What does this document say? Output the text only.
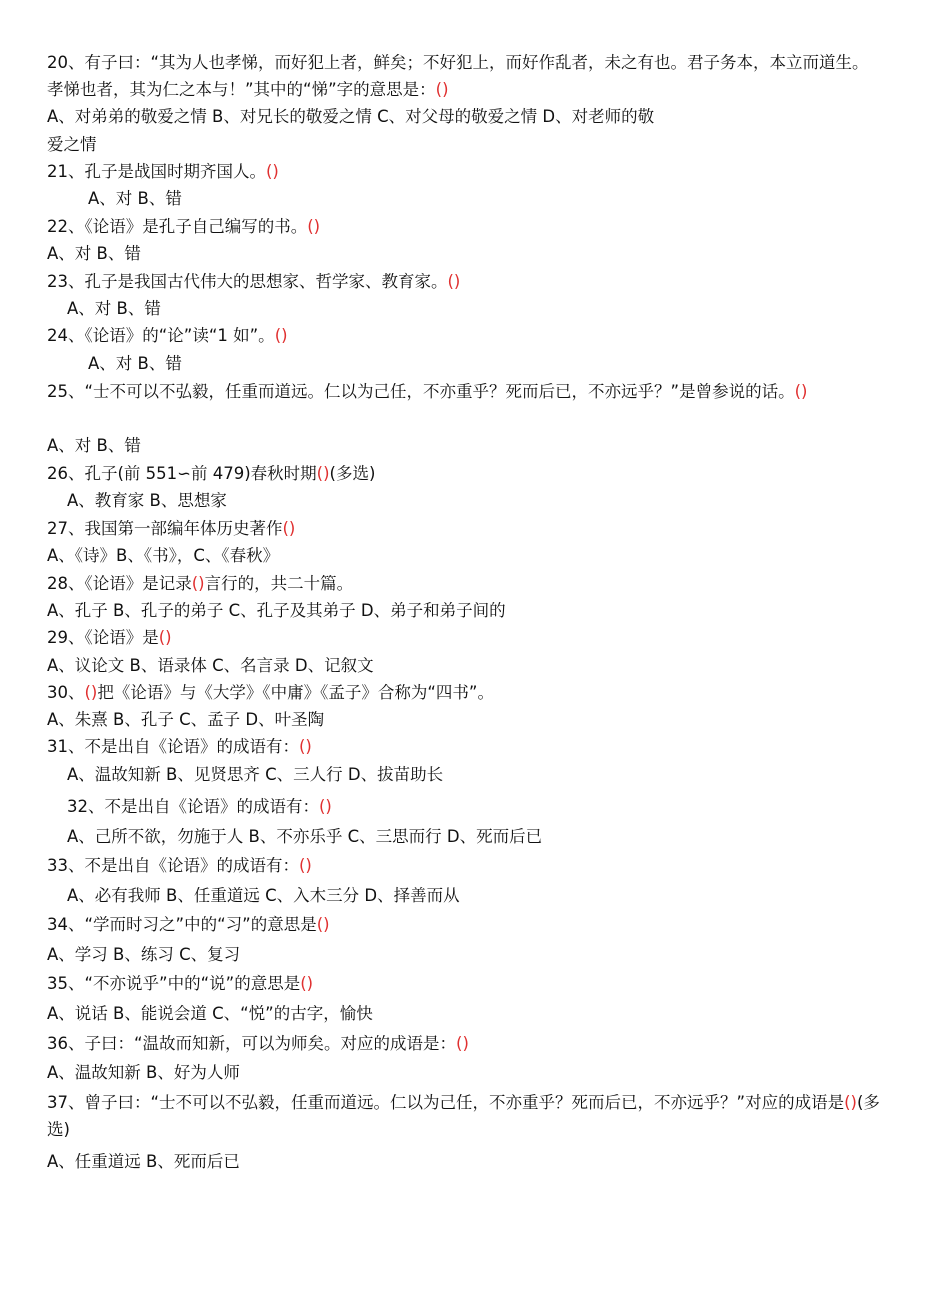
20、有子曰：“其为人也孝悌，而好犯上者，鲜矣；不好犯上，而好作乱者，未之有也。君子务本，本立而道生。孝悌也者，其为仁之本与！”其中的“悌”字的意思是：()
A、对弟弟的敬爱之情 B、对兄长的敬爱之情 C、对父母的敬爱之情 D、对老师的敬
爱之情
21、孔子是战国时期齐国人。()
A、对 B、错
22、《论语》是孔子自己编写的书。()
A、对 B、错
23、孔子是我国古代伟大的思想家、哲学家、教育家。()
A、对 B、错
24、《论语》的“论”读“1 如”。()
A、对 B、错
25、“士不可以不弘毅，任重而道远。仁以为己任，不亦重乎？死而后已，不亦远乎？”是曾参说的话。()
A、对 B、错
26、孔子(前 551∽前 479)春秋时期()(多选)
A、教育家 B、思想家
27、我国第一部编年体历史著作()
A、《诗》B、《书》，C、《春秋》
28、《论语》是记录()言行的，共二十篇。
A、孔子 B、孔子的弟子 C、孔子及其弟子 D、弟子和弟子间的
29、《论语》是()
A、议论文 B、语录体 C、名言录 D、记叙文
30、()把《论语》与《大学》《中庸》《孟子》合称为“四书”。
A、朱熹 B、孔子 C、孟子 D、叶圣陶
31、不是出自《论语》的成语有：()
A、温故知新 B、见贤思齐 C、三人行 D、拔苗助长
32、不是出自《论语》的成语有：()
A、己所不欲，勿施于人 B、不亦乐乎 C、三思而行 D、死而后已
33、不是出自《论语》的成语有：()
A、必有我师 B、任重道远 C、入木三分 D、择善而从
34、“学而时习之”中的“习”的意思是()
A、学习 B、练习 C、复习
35、“不亦说乎”中的“说”的意思是()
A、说话 B、能说会道 C、“悦”的古字，愉快
36、子曰：“温故而知新，可以为师矣。对应的成语是：()
A、温故知新 B、好为人师
37、曾子曰：“士不可以不弘毅，任重而道远。仁以为己任，不亦重乎？死而后已，不亦远乎？”对应的成语是()(多选)
A、任重道远 B、死而后已
